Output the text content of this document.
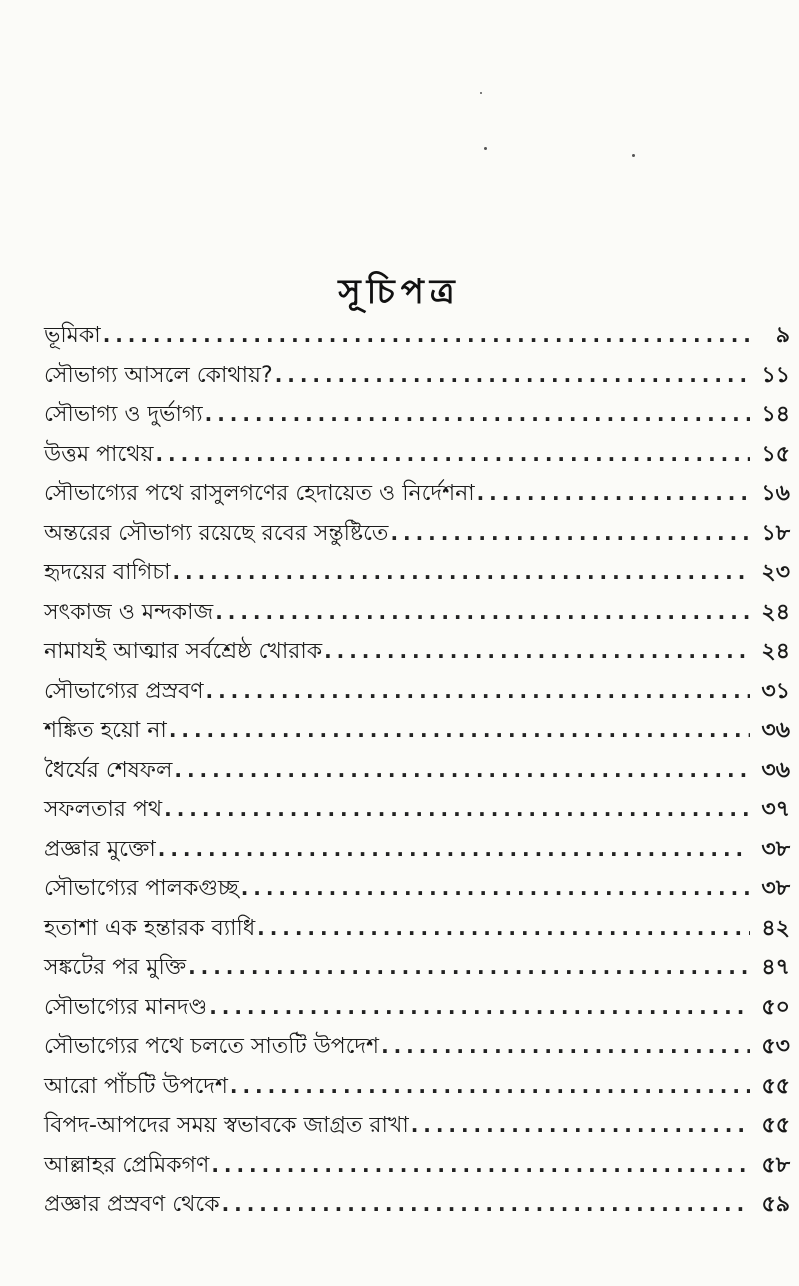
সূচিপত্র
ভূমিকা . . .	৯
সৌভাগ্য আসলে কোথায়? . . .	১১
সৌভাগ্য ও দুর্ভাগ্য . . .	১৪
উত্তম পাথেয় . . .	১৫
সৌভাগ্যের পথে রাসুলগণের হেদায়েত ও নির্দেশনা . . .	১৬
অন্তরের সৌভাগ্য রয়েছে রবের সন্তুষ্টিতে . . .	১৮
হৃদয়ের বাগিচা . . .	২৩
সৎকাজ ও মন্দকাজ . . .	২৪
নামাযই আত্মার সর্বশ্রেষ্ঠ খোরাক . . .	২৪
সৌভাগ্যের প্রস্রবণ . . .	৩১
শঙ্কিত হয়ো না . . .	৩৬
ধৈর্যের শেষফল . . .	৩৬
সফলতার পথ . . .	৩৭
প্রজ্ঞার মুক্তো . . .	৩৮
সৌভাগ্যের পালকগুচ্ছ . . .	৩৮
হতাশা এক হন্তারক ব্যাধি . . .	৪২
সঙ্কটের পর মুক্তি . . .	৪৭
সৌভাগ্যের মানদণ্ড . . .	৫০
সৌভাগ্যের পথে চলতে সাতটি উপদেশ . . .	৫৩
আরো পাঁচটি উপদেশ . . .	৫৫
বিপদ-আপদের সময় স্বভাবকে জাগ্রত রাখা . . .	৫৫
আল্লাহর প্রেমিকগণ . . .	৫৮
প্রজ্ঞার প্রস্রবণ থেকে . . .	৫৯
